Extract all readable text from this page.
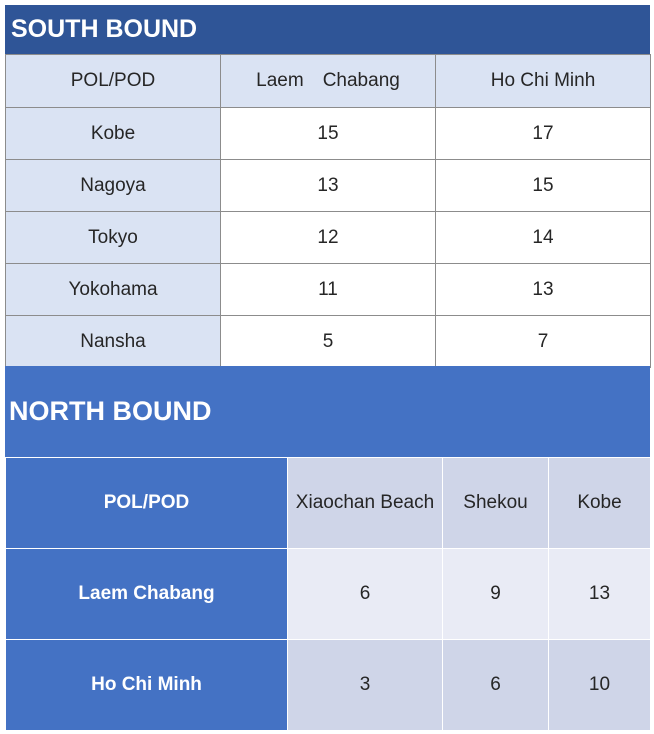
SOUTH BOUND
POL/POD	Laem Chabang	Ho Chi Minh
Kobe	15	17
Nagoya	13	15
Tokyo	12	14
Yokohama	11	13
Nansha	5	7
NORTH BOUND
POL/POD	Xiaochan Beach	Shekou	Kobe
Laem Chabang	6	9	13
Ho Chi Minh	3	6	10
